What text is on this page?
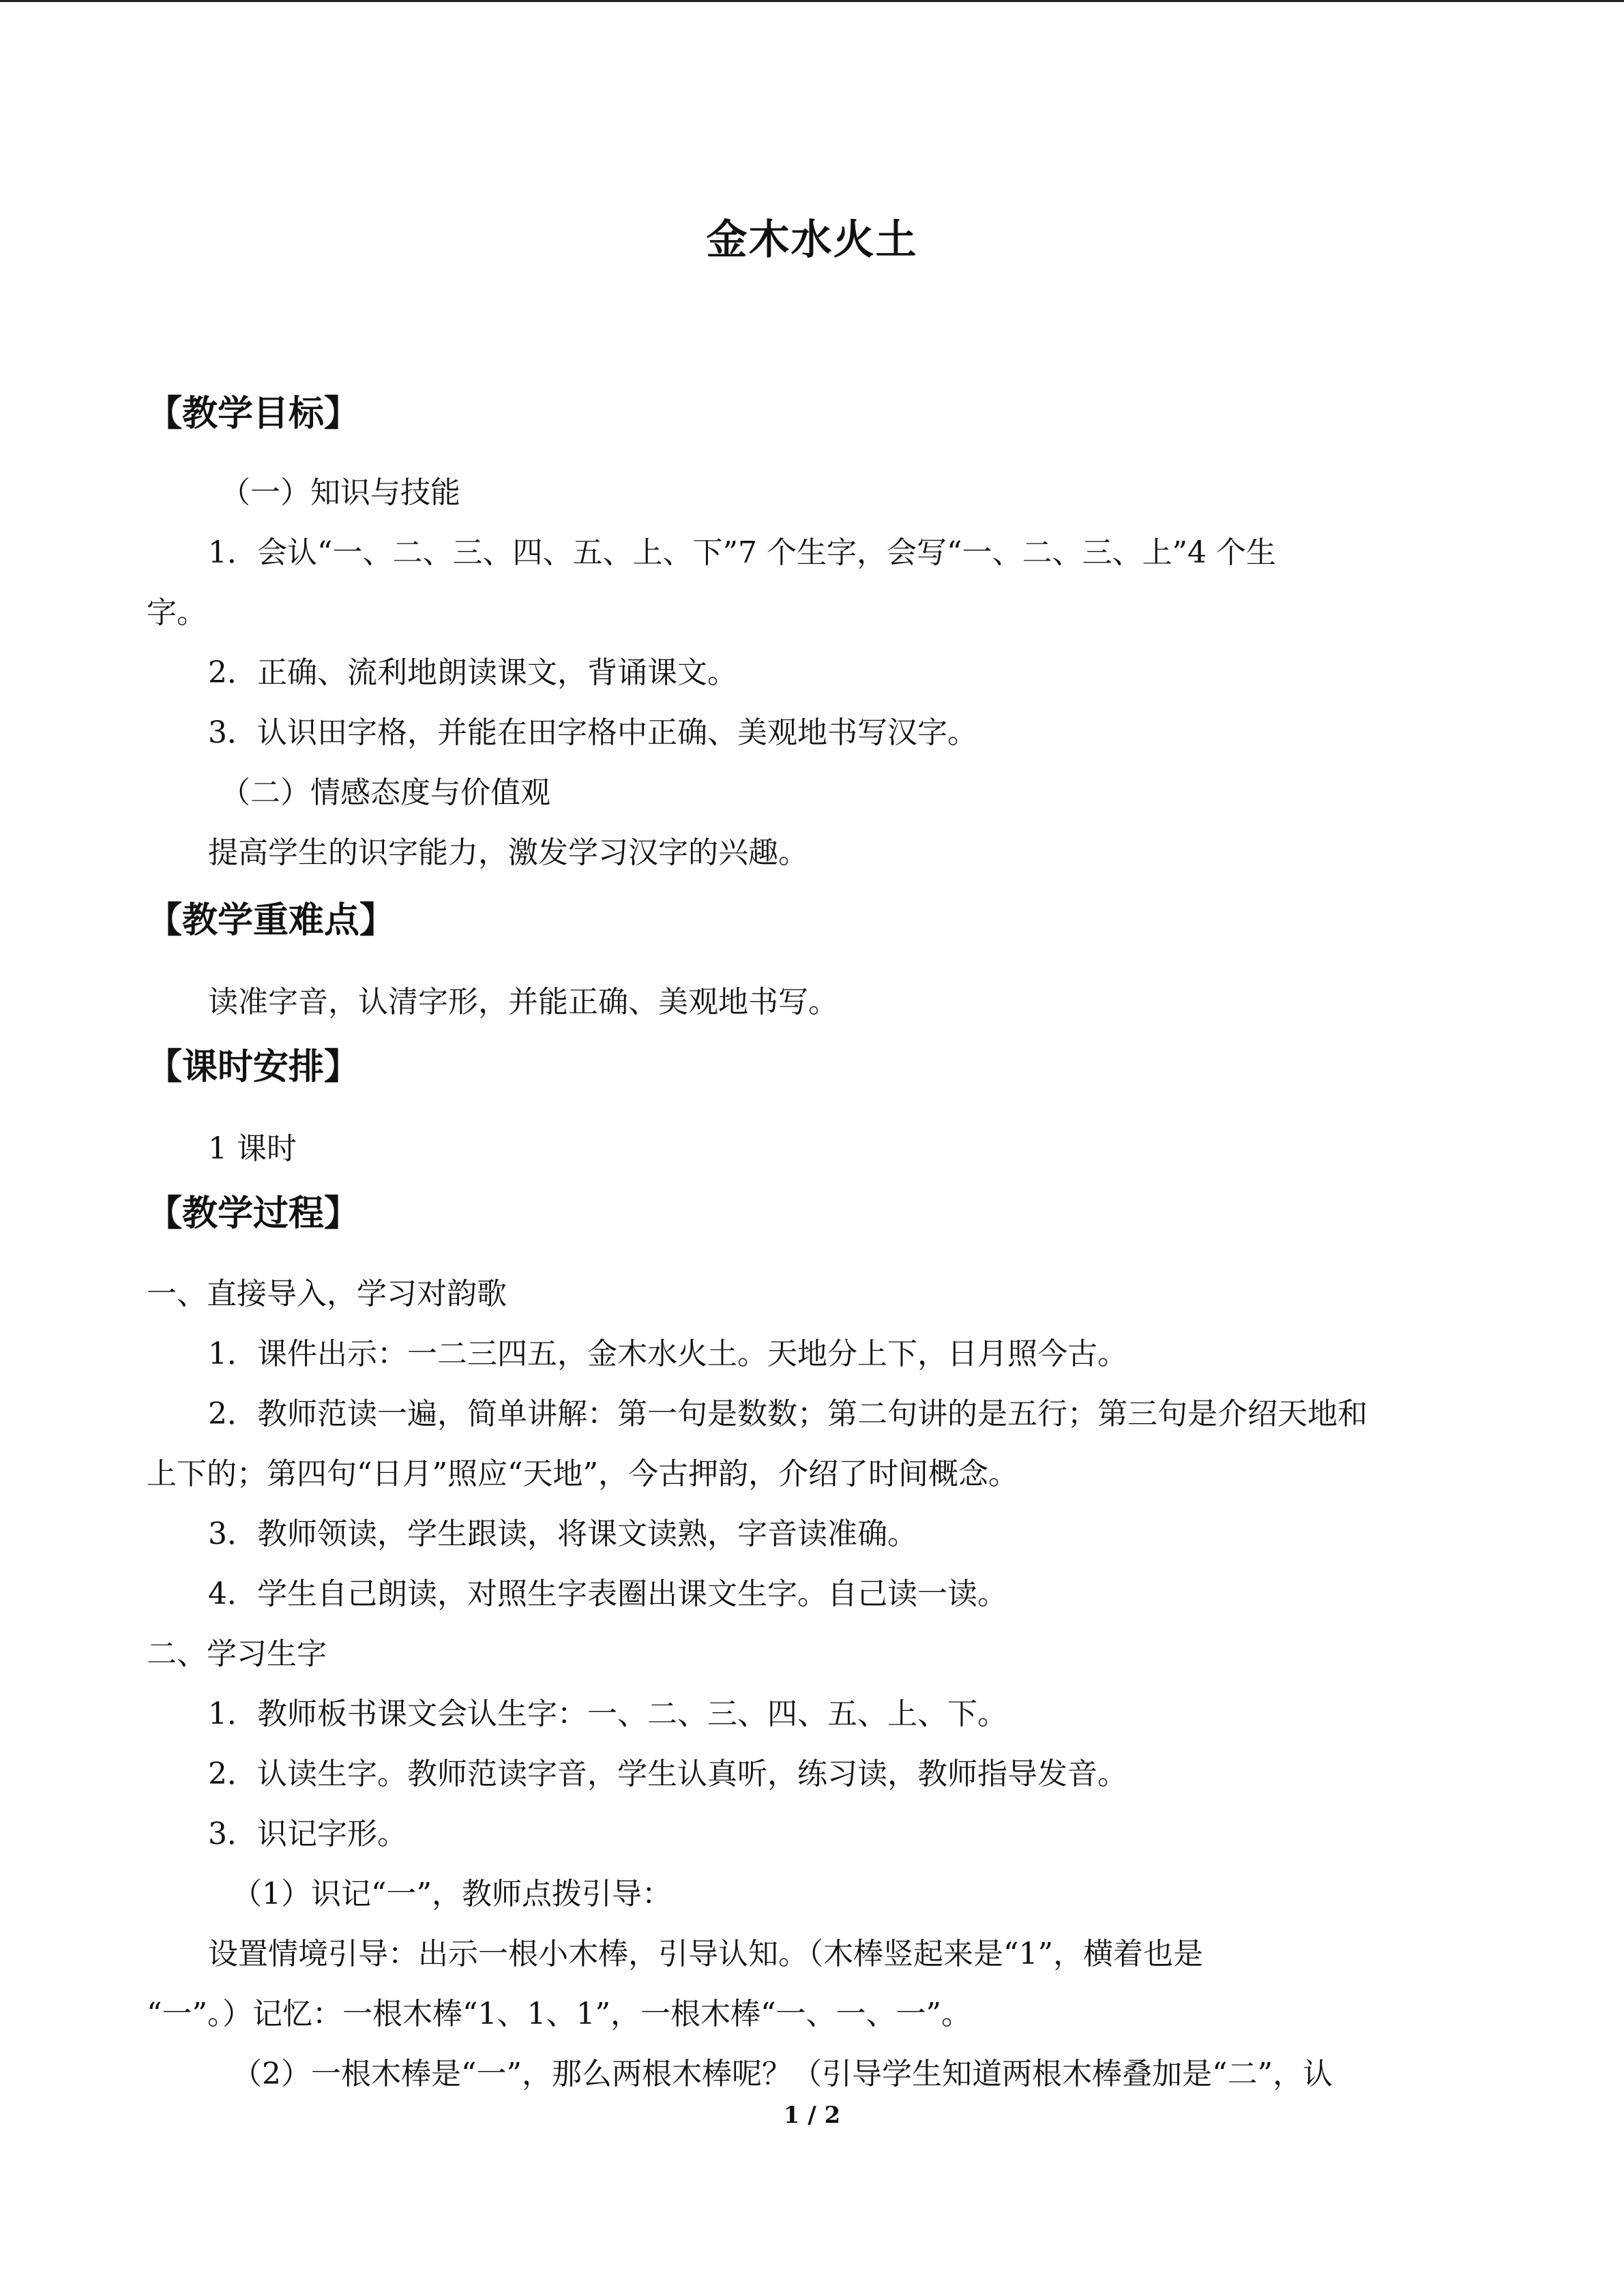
金木水火土
【教学目标】
（一）知识与技能
1．会认“一、二、三、四、五、上、下”7 个生字，会写“一、二、三、上”4 个生
字。
2．正确、流利地朗读课文，背诵课文。
3．认识田字格，并能在田字格中正确、美观地书写汉字。
（二）情感态度与价值观
提高学生的识字能力，激发学习汉字的兴趣。
【教学重难点】
读准字音，认清字形，并能正确、美观地书写。
【课时安排】
1 课时
【教学过程】
一、直接导入，学习对韵歌
1．课件出示：一二三四五，金木水火土。天地分上下，日月照今古。
2．教师范读一遍，简单讲解：第一句是数数；第二句讲的是五行；第三句是介绍天地和
上下的；第四句“日月”照应“天地”，今古押韵，介绍了时间概念。
3．教师领读，学生跟读，将课文读熟，字音读准确。
4．学生自己朗读，对照生字表圈出课文生字。自己读一读。
二、学习生字
1．教师板书课文会认生字：一、二、三、四、五、上、下。
2．认读生字。教师范读字音，学生认真听，练习读，教师指导发音。
3．识记字形。
（1）识记“一”，教师点拨引导：
设置情境引导：出示一根小木棒，引导认知。（木棒竖起来是“1”，横着也是
“一”。）记忆：一根木棒“1、1、1”，一根木棒“一、一、一”。
（2）一根木棒是“一”，那么两根木棒呢？（引导学生知道两根木棒叠加是“二”，认
1 / 2
